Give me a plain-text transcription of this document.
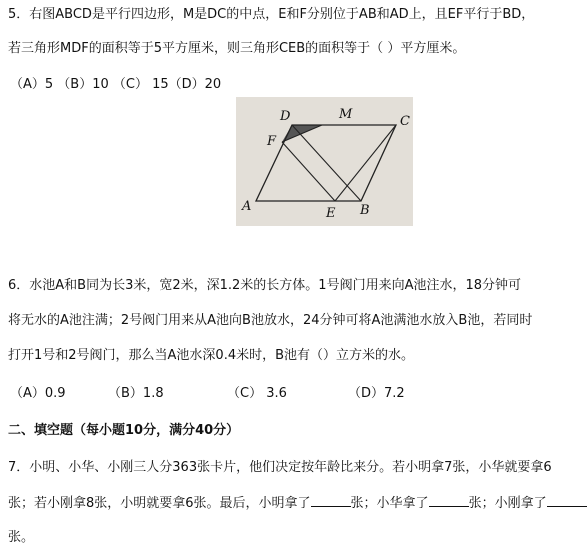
5．右图ABCD是平行四边形，M是DC的中点，E和F分别位于AB和AD上，且EF平行于BD，
若三角形MDF的面积等于5平方厘米，则三角形CEB的面积等于（ ）平方厘米。
（A）5 （B）10 （C） 15（D）20
D	M	C
F
A	E B
6．水池A和B同为长3米，宽2米，深1.2米的长方体。1号阀门用来向A池注水，18分钟可
将无水的A池注满；2号阀门用来从A池向B池放水，24分钟可将A池满池水放入B池，若同时
打开1号和2号阀门，那么当A池水深0.4米时，B池有（）立方米的水。
（A）0.9	（B）1.8	（C） 3.6	（D）7.2
二、填空题（每小题10分，满分40分）
7．小明、小华、小刚三人分363张卡片，他们决定按年龄比来分。若小明拿7张，小华就要拿6
张；若小刚拿8张，小明就要拿6张。最后，小明拿了	张；小华拿了	张；小刚拿了
张。
